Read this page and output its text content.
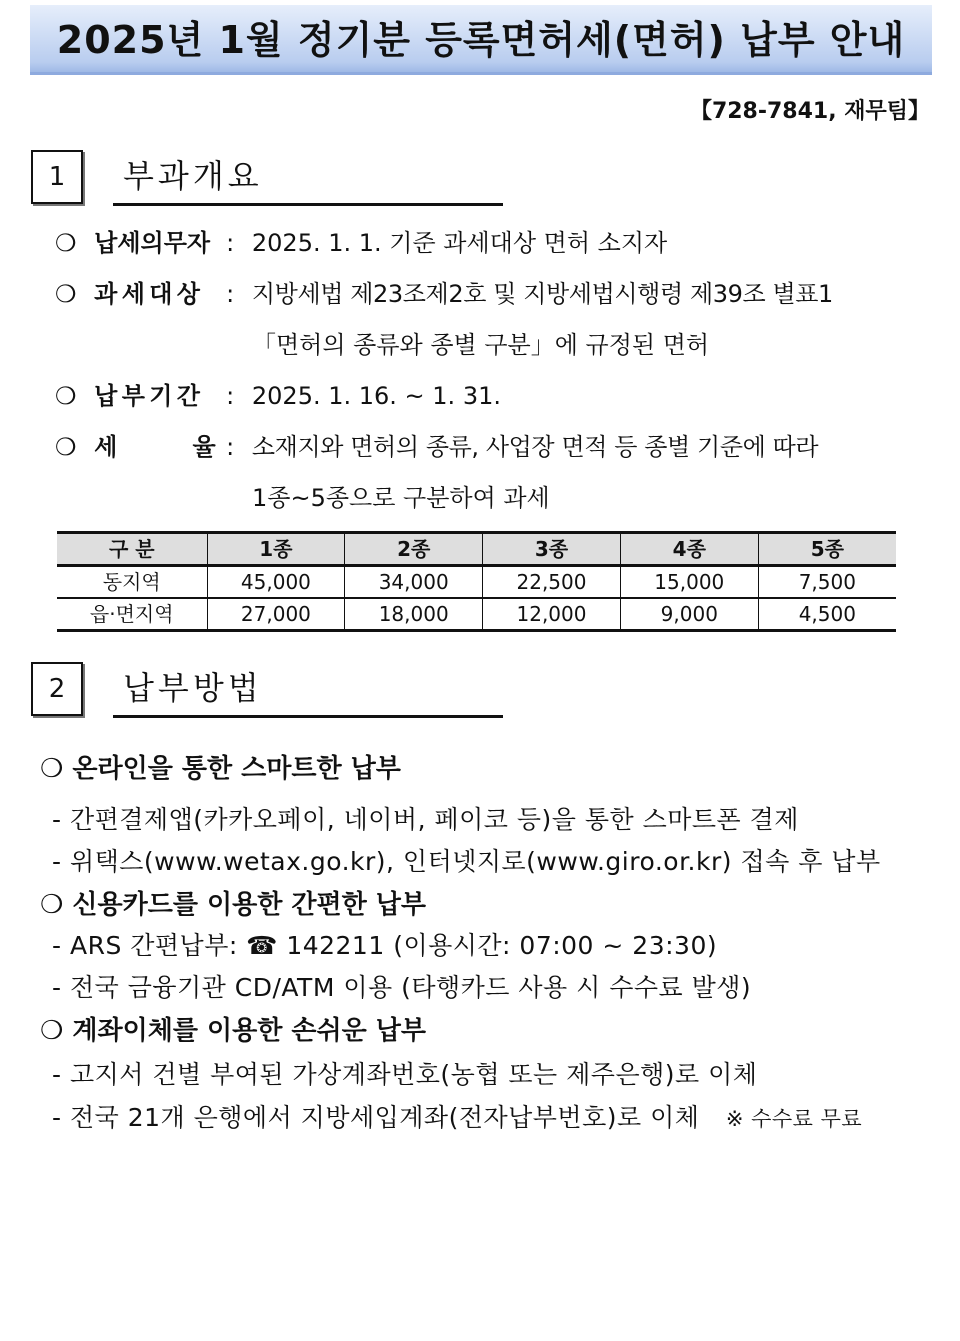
2025년 1월 정기분 등록면허세(면허) 납부 안내
【728-7841, 재무팀】
1	부과개요
❍ 납세의무자 : 2025. 1. 1. 기준 과세대상 면허 소지자
❍ 과 세 대 상 : 지방세법 제23조제2호 및 지방세법시행령 제39조 별표1
「면허의 종류와 종별 구분」에 규정된 면허
❍ 납 부 기 간 : 2025. 1. 16. ~ 1. 31.
❍ 세         율 : 소재지와 면허의 종류, 사업장 면적 등 종별 기준에 따라
1종~5종으로 구분하여 과세
구 분	1종	2종	3종	4종	5종
동지역	45,000	34,000	22,500	15,000	7,500
읍·면지역	27,000	18,000	12,000	9,000	4,500
2	납부방법
❍ 온라인을 통한 스마트한 납부
- 간편결제앱(카카오페이, 네이버, 페이코 등)을 통한 스마트폰 결제
- 위택스(www.wetax.go.kr), 인터넷지로(www.giro.or.kr) 접속 후 납부
❍ 신용카드를 이용한 간편한 납부
- ARS 간편납부: ☎ 142211 (이용시간: 07:00 ~ 23:30)
- 전국 금융기관 CD/ATM 이용 (타행카드 사용 시 수수료 발생)
❍ 계좌이체를 이용한 손쉬운 납부
- 고지서 건별 부여된 가상계좌번호(농협 또는 제주은행)로 이체
- 전국 21개 은행에서 지방세입계좌(전자납부번호)로 이체 ※ 수수료 무료
